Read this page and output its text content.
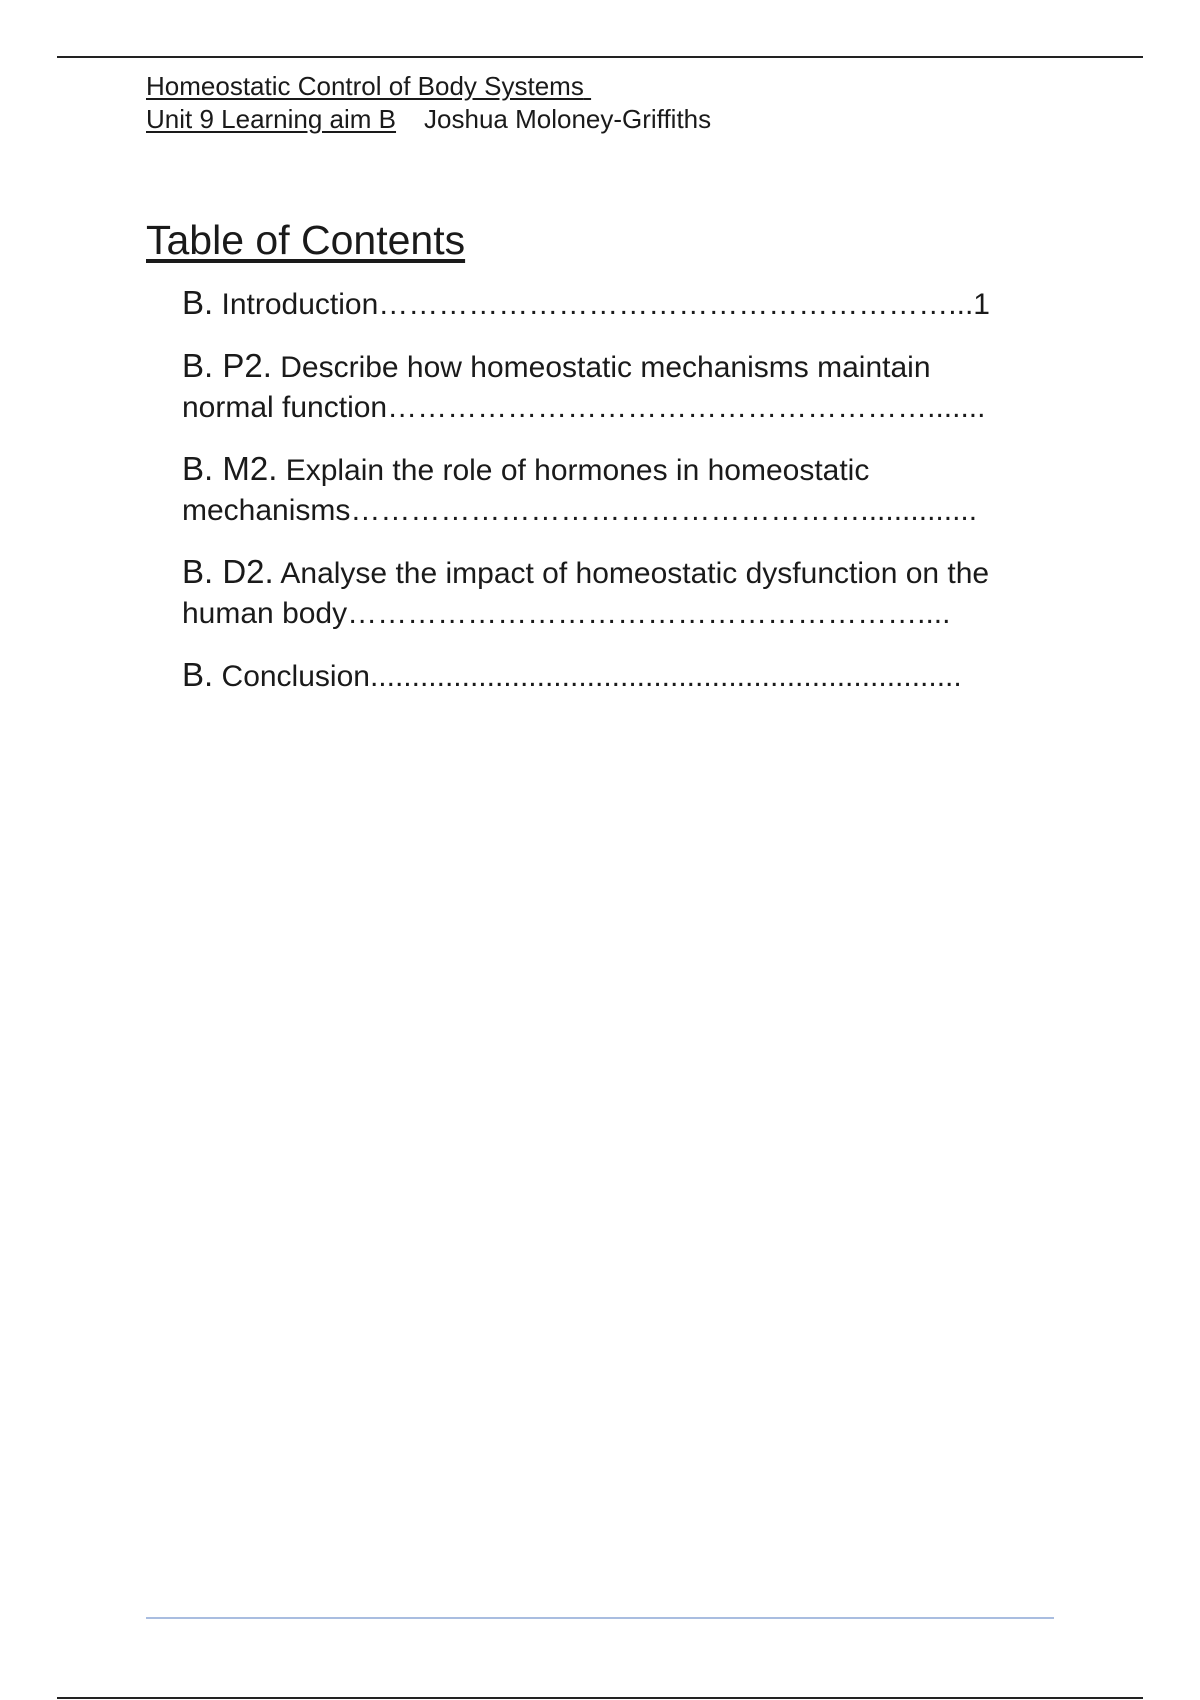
Homeostatic Control of Body Systems
Unit 9 Learning aim B Joshua Moloney-Griffiths
Table of Contents
B. Introduction…………………………………………………...1
B. P2. Describe how homeostatic mechanisms maintain
normal function……………………………………………….......
B. M2. Explain the role of hormones in homeostatic
mechanisms……………………………………………..............
B. D2. Analyse the impact of homeostatic dysfunction on the
human body…………………………………………………....
B. Conclusion.......................................................................
